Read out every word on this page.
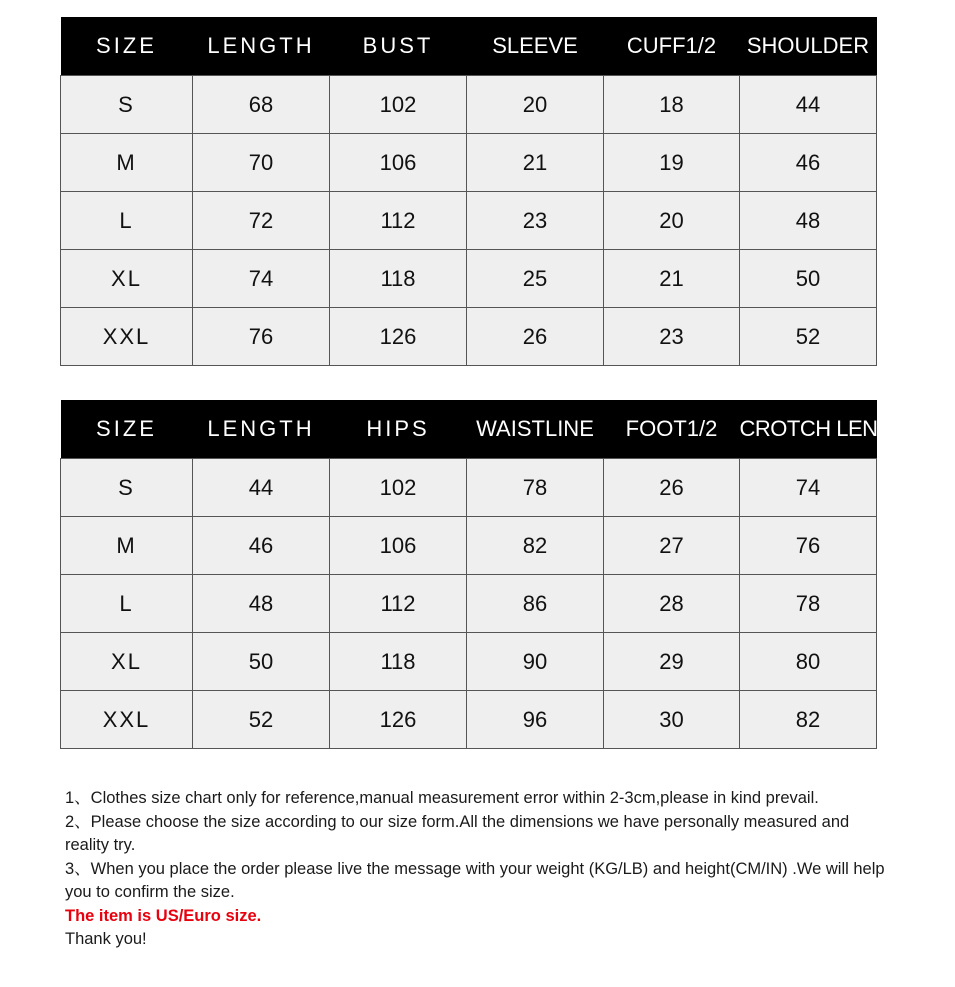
SIZE	LENGTH	BUST	SLEEVE	CUFF1/2	SHOULDER
S	68	102	20	18	44
M	70	106	21	19	46
L	72	112	23	20	48
XL	74	118	25	21	50
XXL	76	126	26	23	52
SIZE	LENGTH	HIPS	WAISTLINE	FOOT1/2	CROTCH LENGTH
S	44	102	78	26	74
M	46	106	82	27	76
L	48	112	86	28	78
XL	50	118	90	29	80
XXL	52	126	96	30	82

1、Clothes size chart only for reference,manual measurement error within 2-3cm,please in kind prevail.

2、Please choose the size according to our size form.All the dimensions we have personally measured and reality try.

3、When you place the order please live the message with your weight (KG/LB) and height(CM/IN) .We will help you to confirm the size.

The item is US/Euro size.

Thank you!
